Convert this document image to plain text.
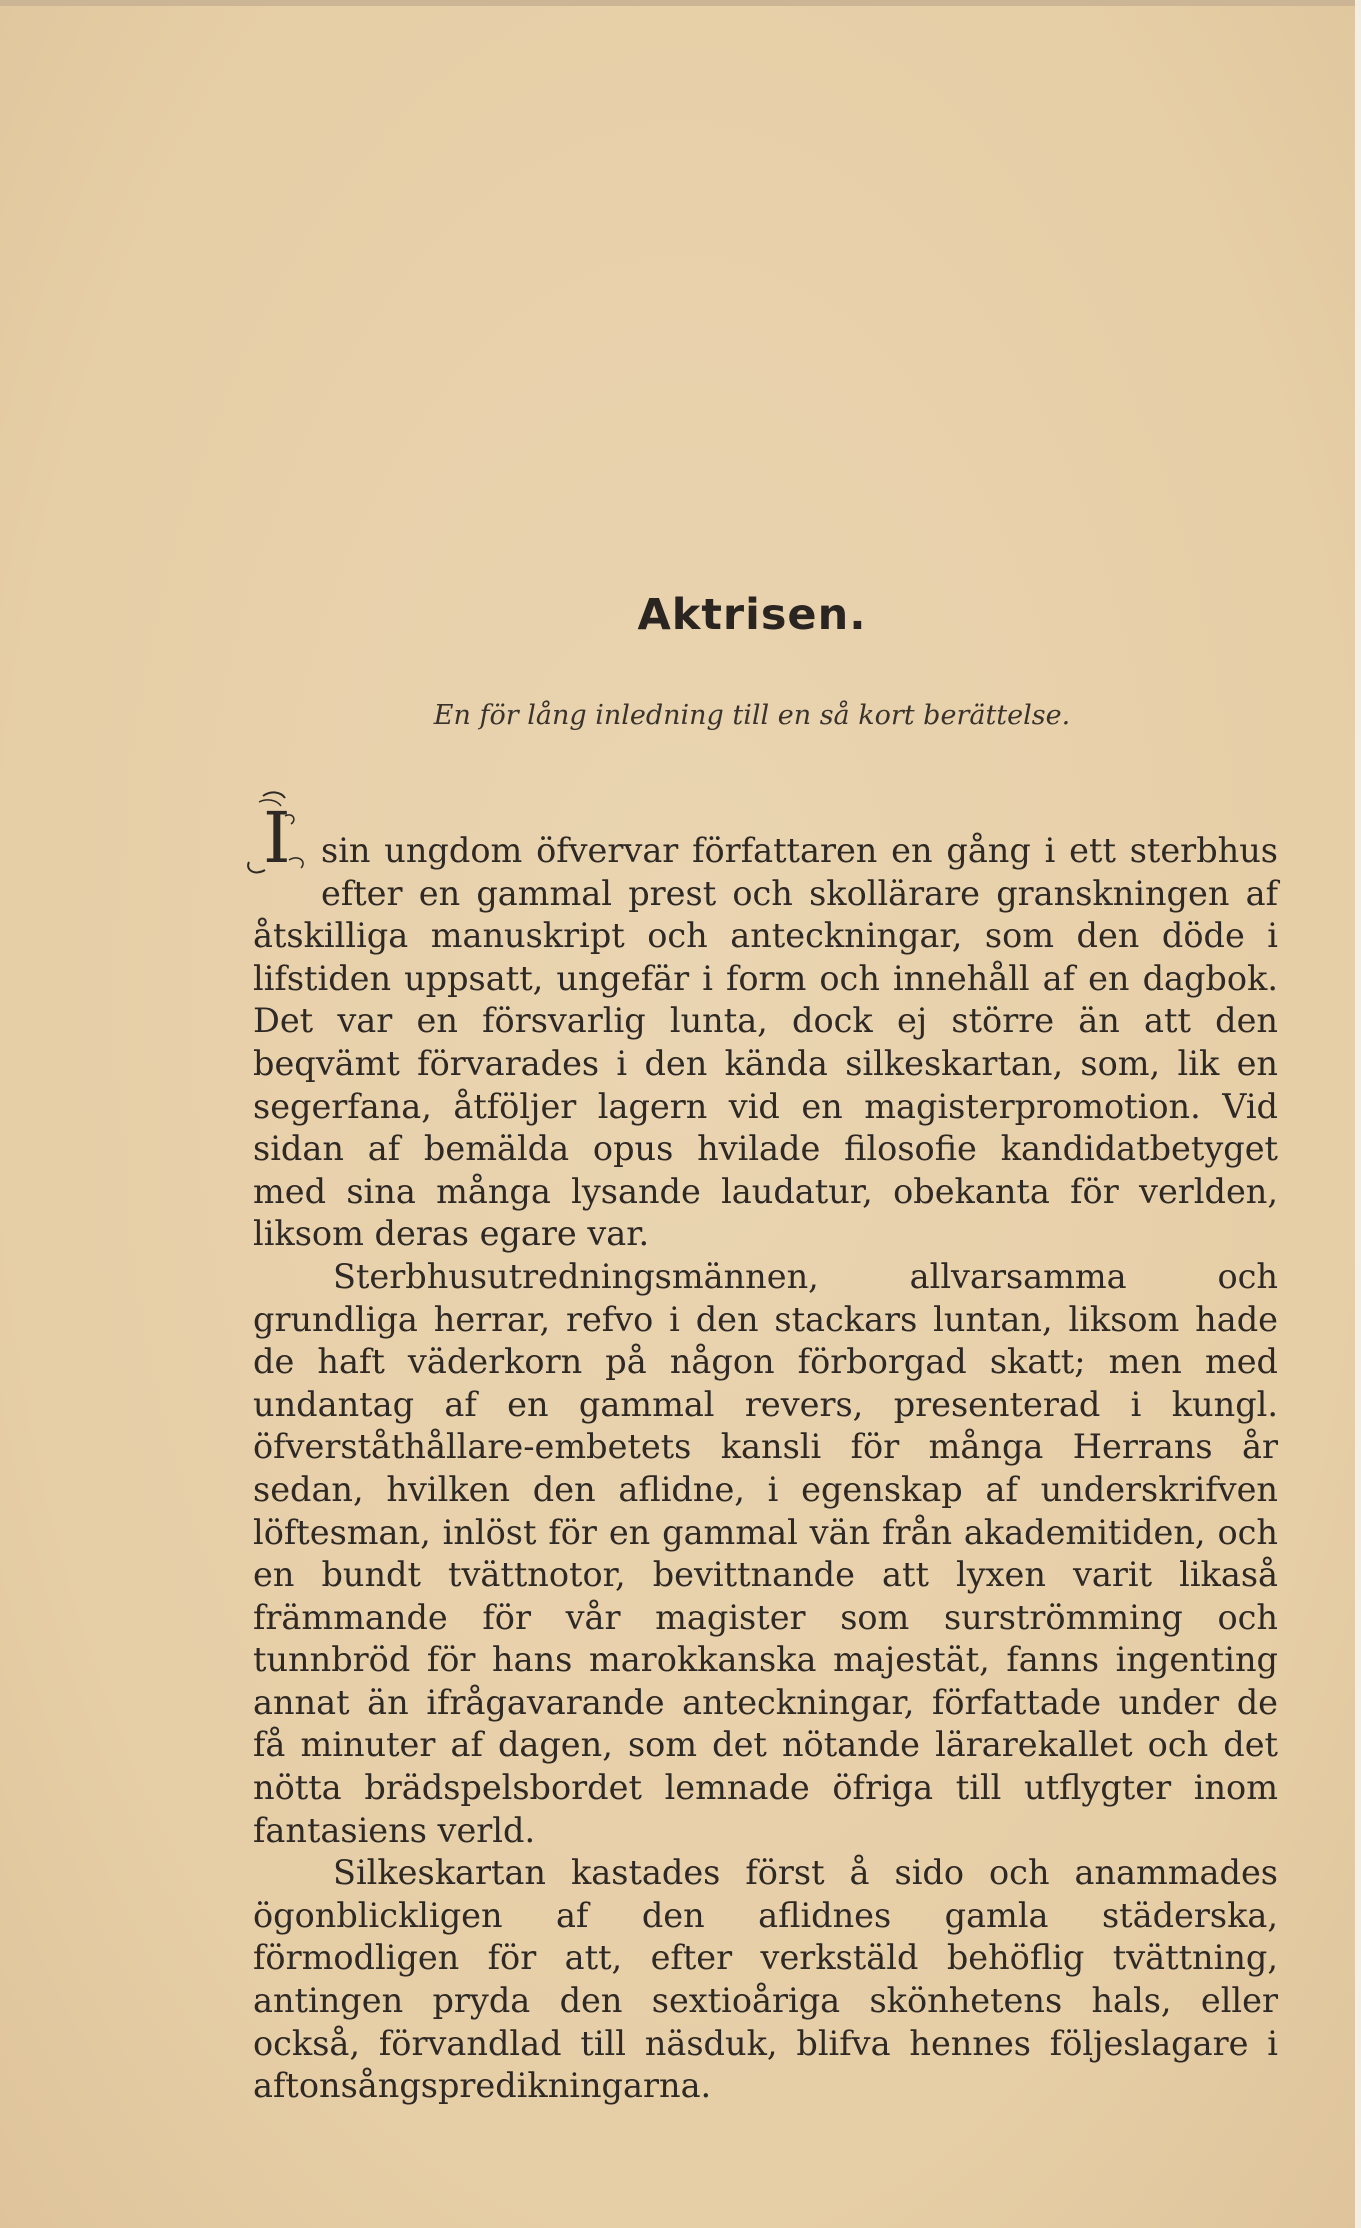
Aktrisen.
En för lång inledning till en så kort berättelse.

I sin ungdom öfvervar författaren en gång i ett sterbhus efter en gammal prest och skollärare granskningen af åtskilliga manuskript och anteckningar, som den döde i lifstiden uppsatt, ungefär i form och innehåll af en dagbok. Det var en försvarlig lunta, dock ej större än att den beqvämt förvarades i den kända silkeskartan, som, lik en segerfana, åtföljer lagern vid en magisterpromotion. Vid sidan af bemälda opus hvilade filosofie kandidatbetyget med sina många lysande laudatur, obekanta för verlden, liksom deras egare var.

Sterbhusutredningsmännen, allvarsamma och grundliga herrar, refvo i den stackars luntan, liksom hade de haft väderkorn på någon förborgad skatt; men med undantag af en gammal revers, presenterad i kungl. öfverståthållare-embetets kansli för många Herrans år sedan, hvilken den aflidne, i egenskap af underskrifven löftesman, inlöst för en gammal vän från akademitiden, och en bundt tvättnotor, bevittnande att lyxen varit likaså främmande för vår magister som surströmming och tunnbröd för hans marokkanska majestät, fanns ingenting annat än ifrågavarande anteckningar, författade under de få minuter af dagen, som det nötande lärarekallet och det nötta brädspelsbordet lemnade öfriga till utflygter inom fantasiens verld.

Silkeskartan kastades först å sido och anammades ögonblickligen af den aflidnes gamla städerska, förmodligen för att, efter verkstäld behöflig tvättning, antingen pryda den sextioåriga skönhetens hals, eller också, förvandlad till näsduk, blifva hennes följeslagare i aftonsångspredikningarna.
